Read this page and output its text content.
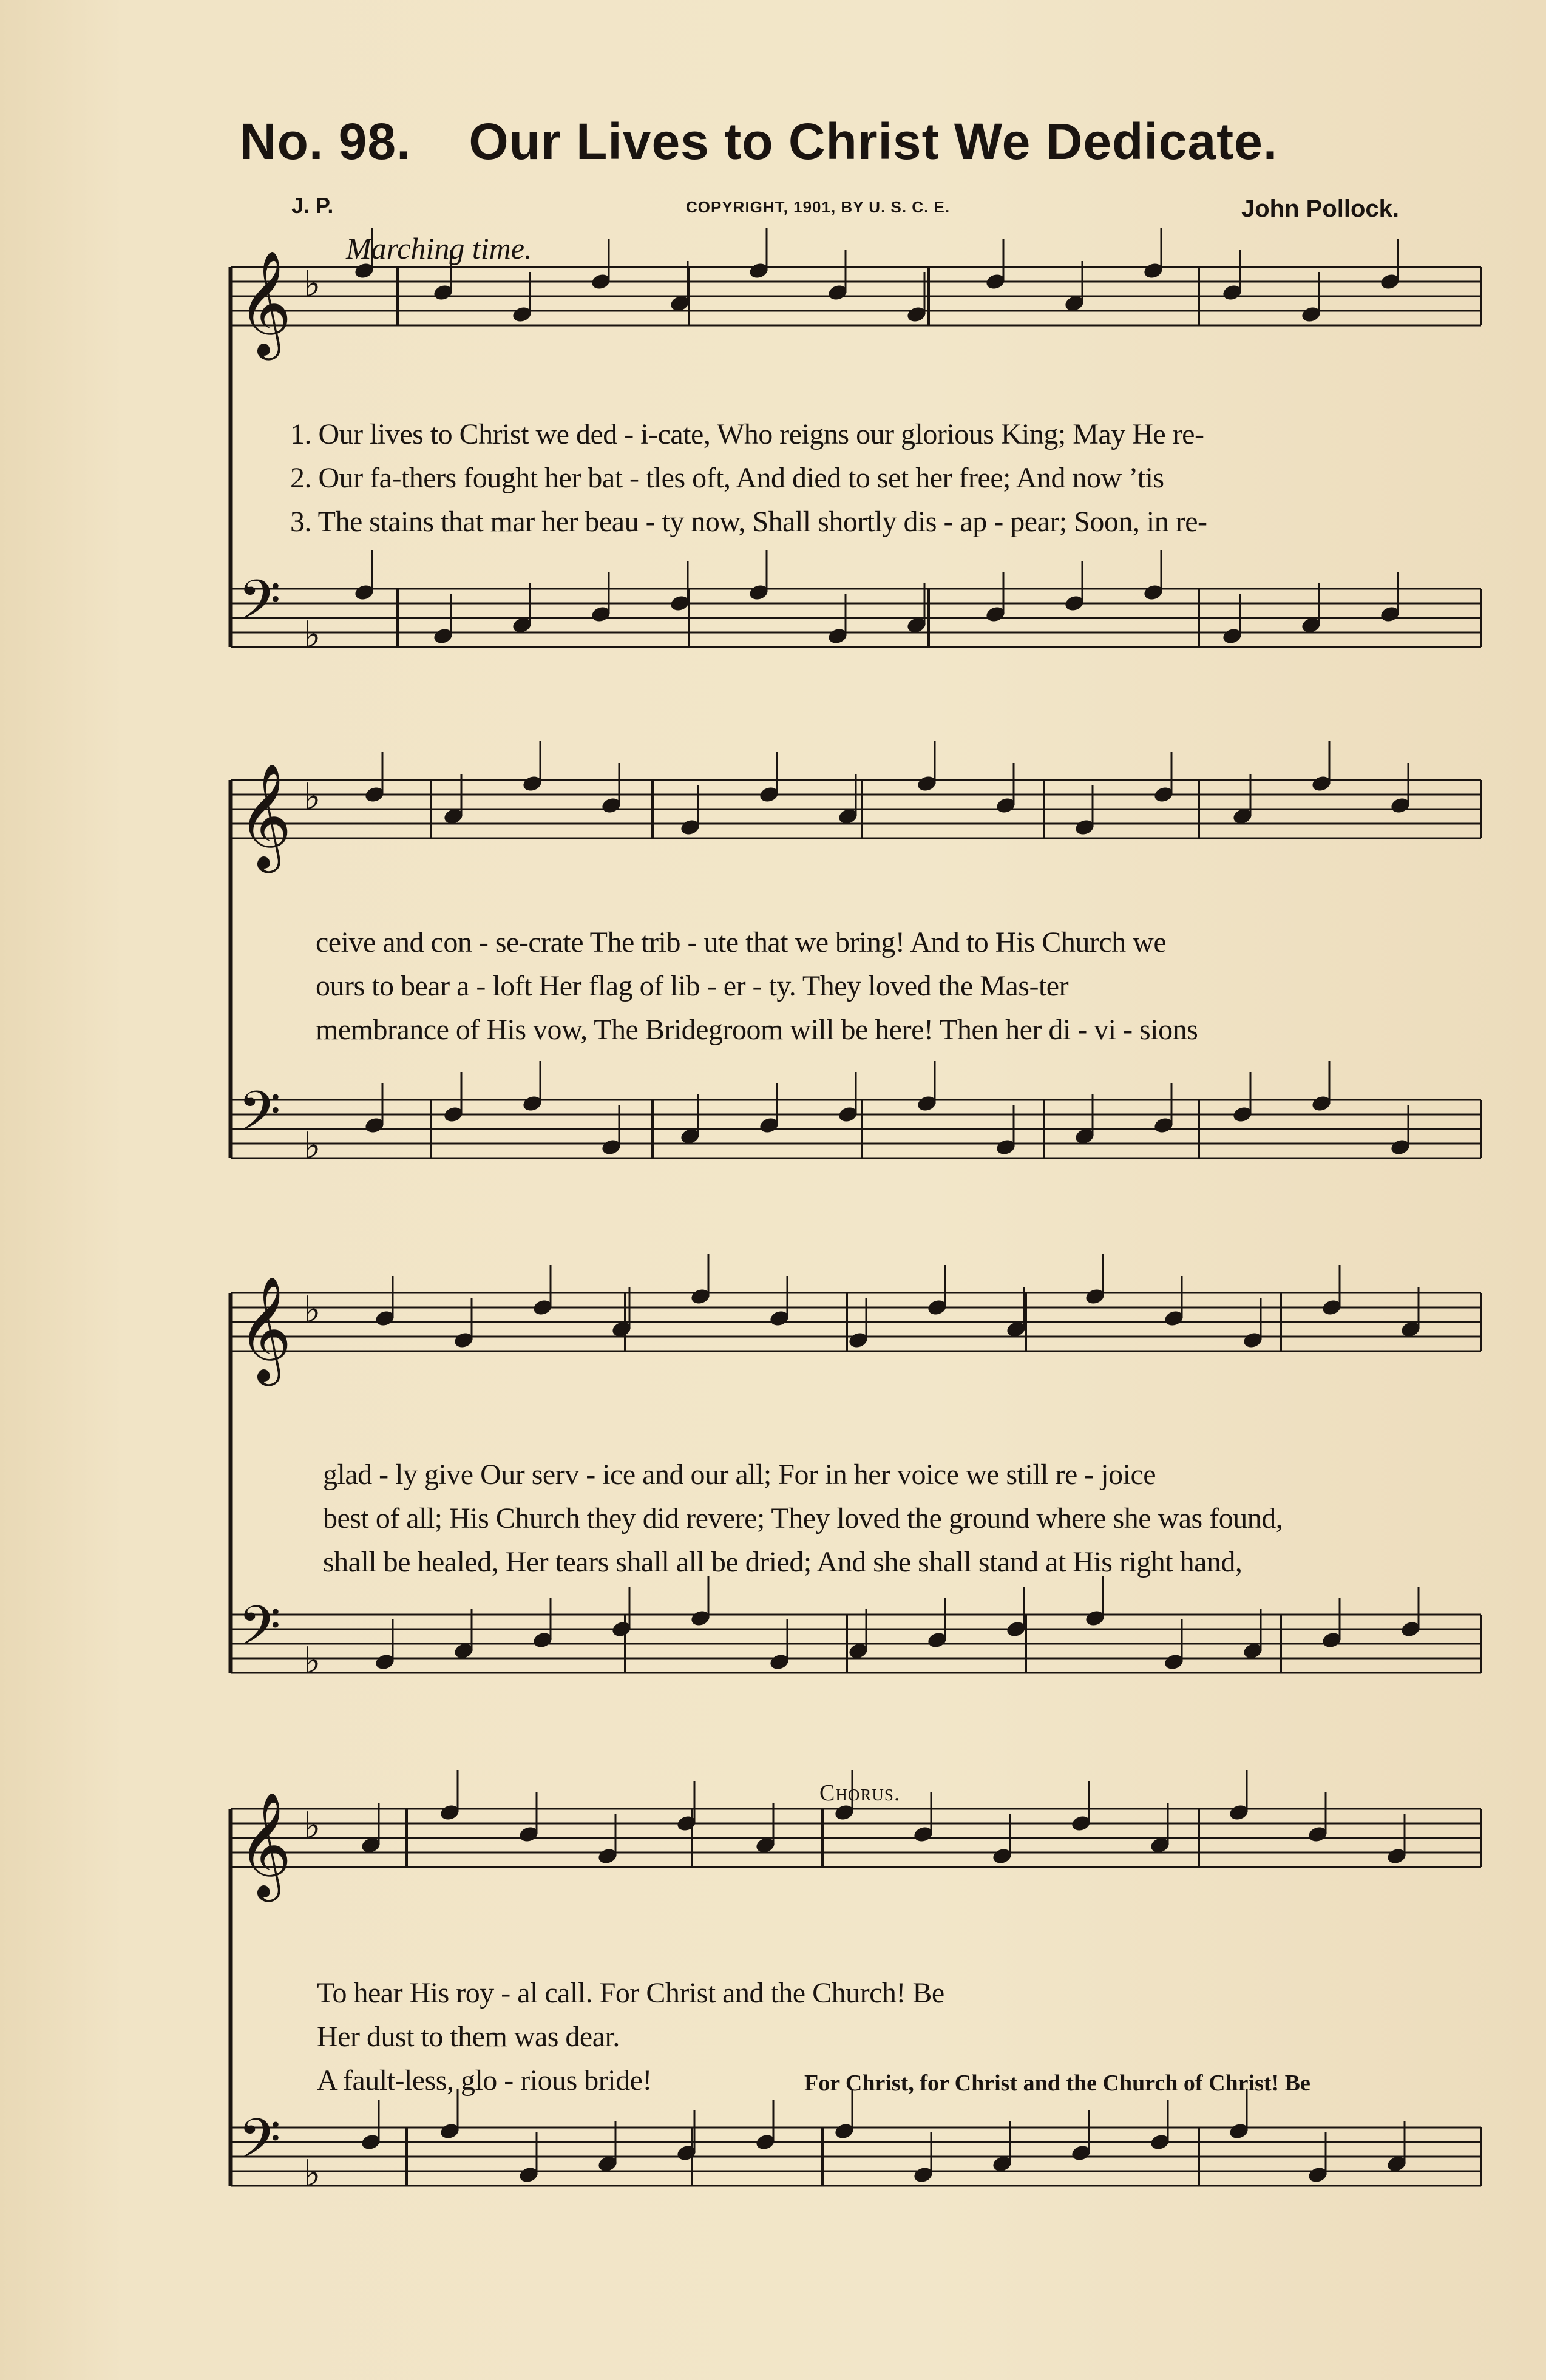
No. 98. Our Lives to Christ We Dedicate.
J. P.	COPYRIGHT, 1901, BY U. S. C. E.	John Pollock.
Marching time.
𝄞
𝄢
♭
♭
𝄞
𝄢
♭
♭
𝄞
𝄢
♭
♭
𝄞
𝄢
♭
♭
1. Our lives to Christ we ded - i-cate, Who reigns our glorious King; May He re-
2. Our fa-thers fought her bat - tles oft, And died to set her free; And now ’tis
3. The stains that mar her beau - ty now, Shall shortly dis - ap - pear; Soon, in re-
ceive and con - se-crate The trib - ute that we bring! And to His Church we
ours to bear a - loft Her flag of lib - er - ty. They loved the Mas-ter
membrance of His vow, The Bridegroom will be here! Then her di - vi - sions
glad - ly give Our serv - ice and our all; For in her voice we still re - joice
best of all; His Church they did revere; They loved the ground where she was found,
shall be healed, Her tears shall all be dried; And she shall stand at His right hand,
Chorus.
To hear His roy - al call. For Christ and the Church! Be
Her dust to them was dear.
A fault-less, glo - rious bride!	For Christ, for Christ and the Church of Christ! Be
